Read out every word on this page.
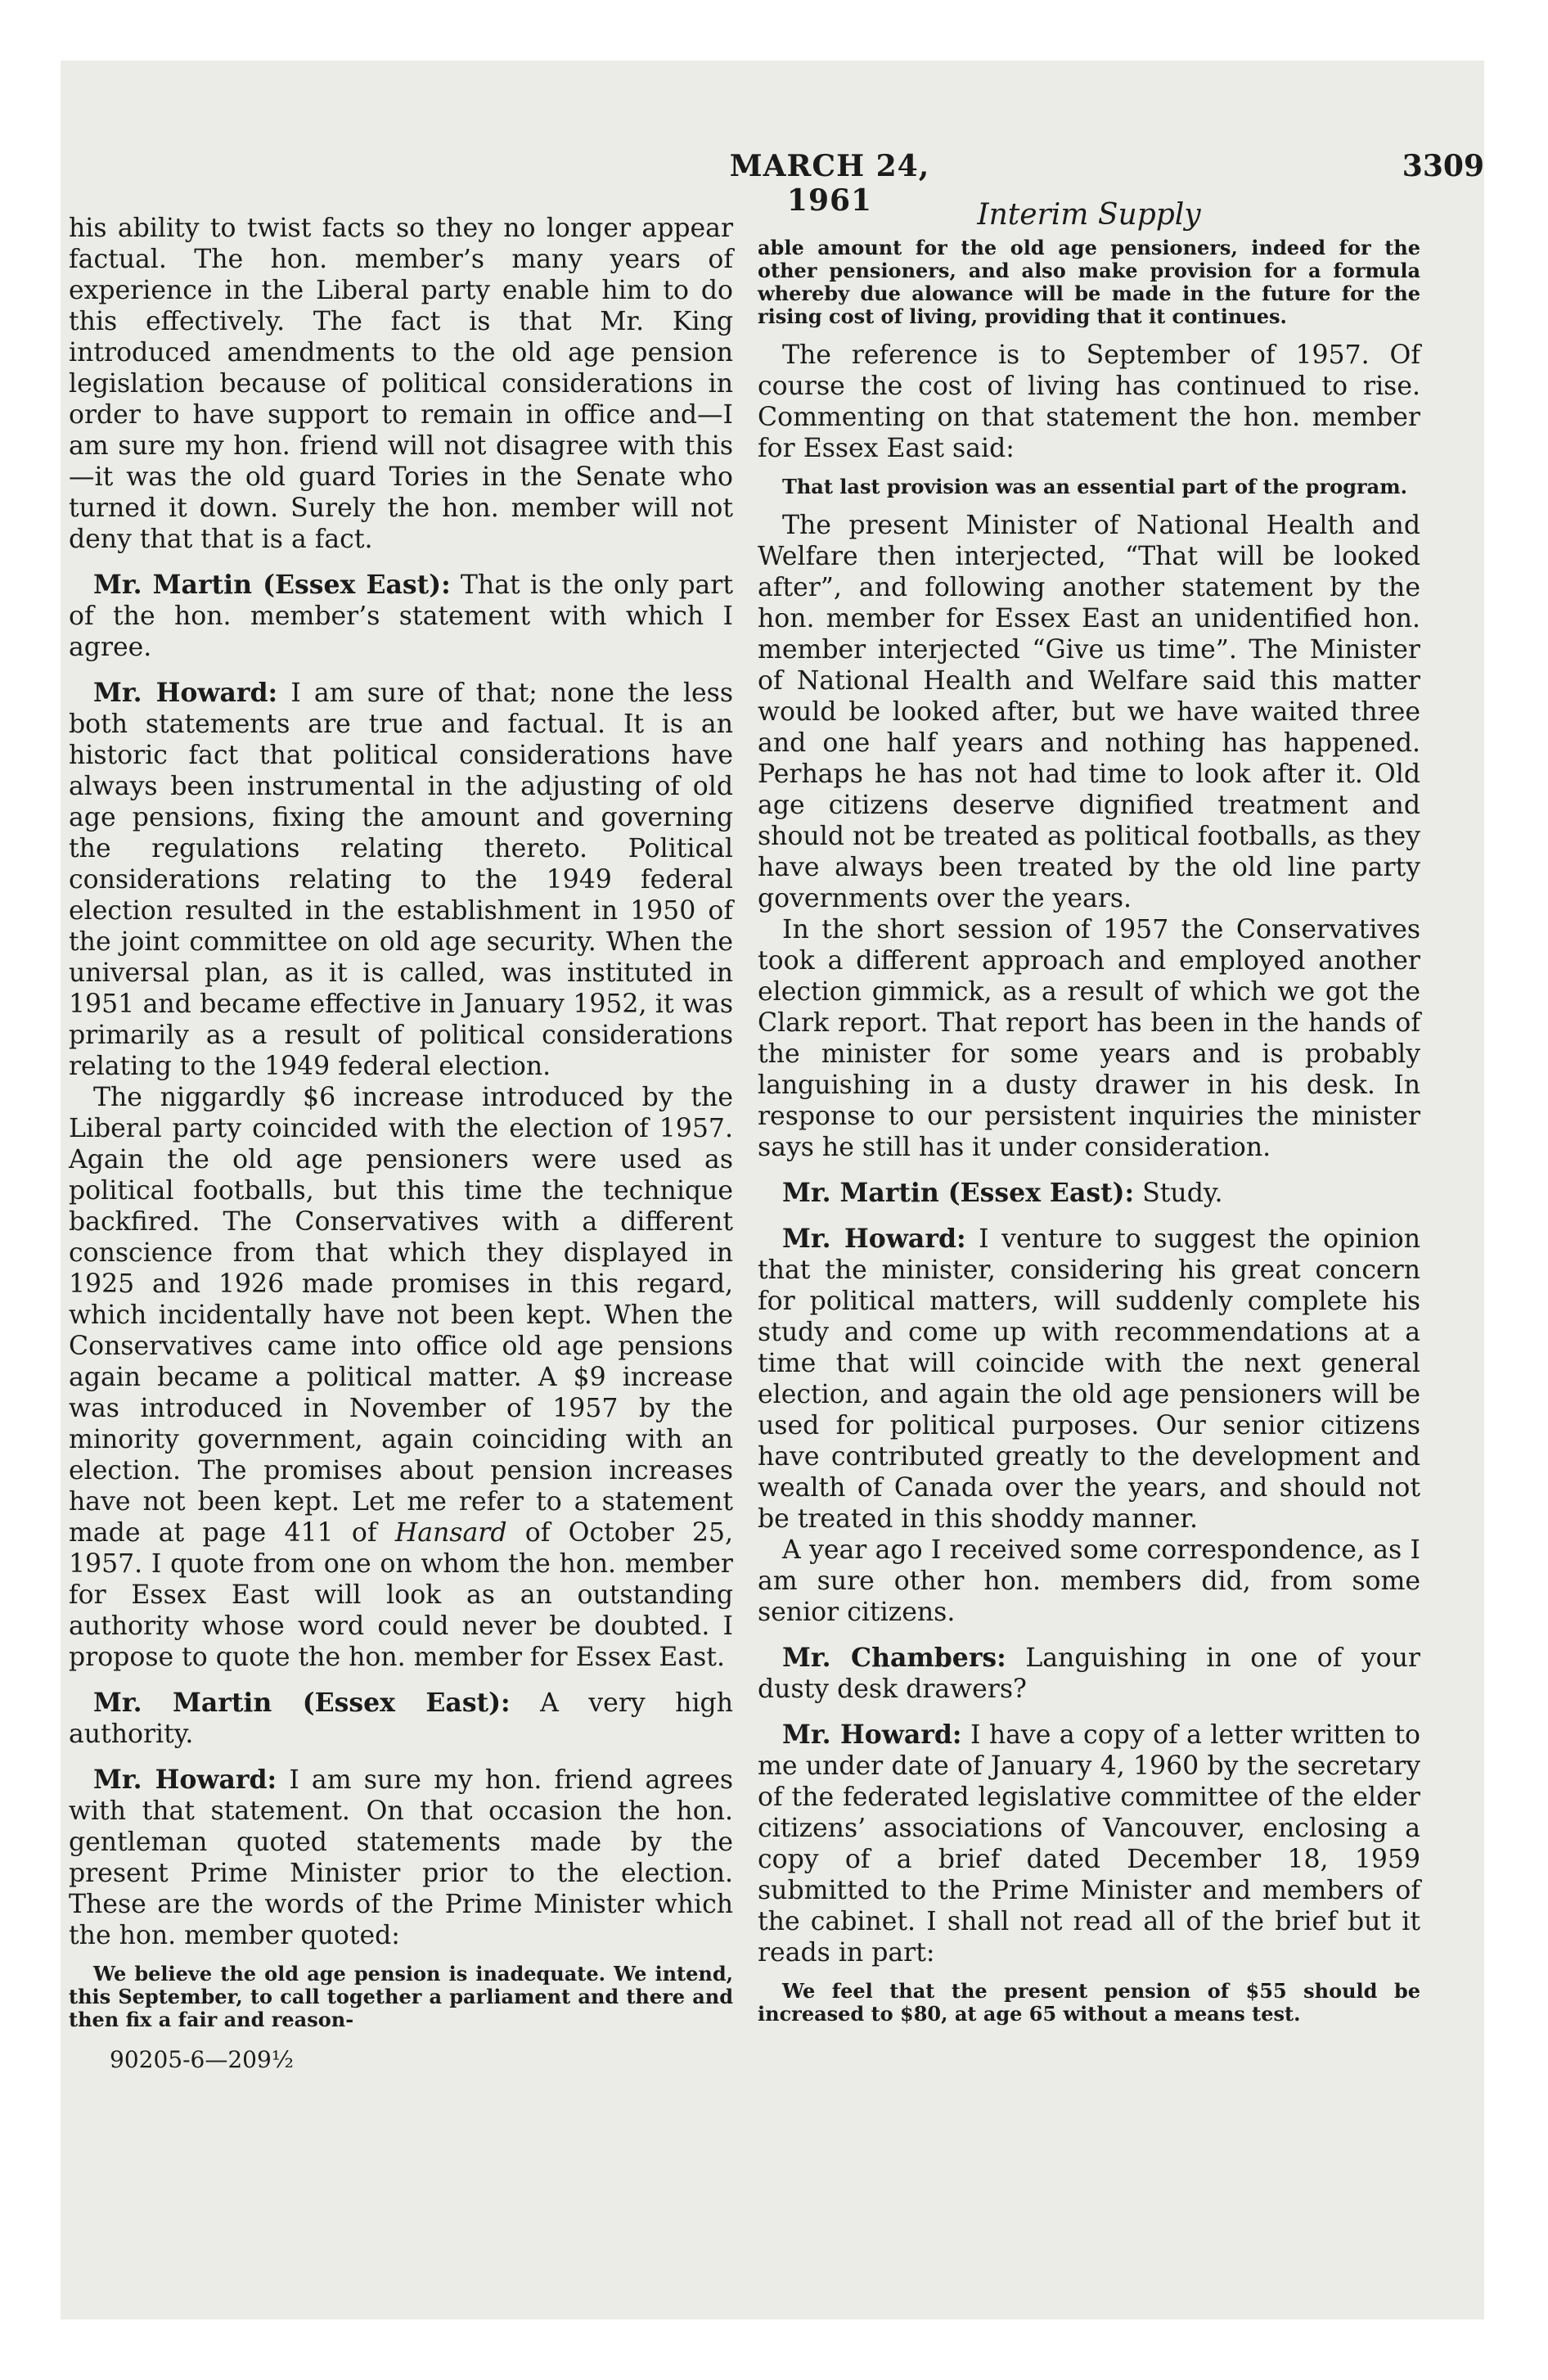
MARCH 24, 1961
3309

his ability to twist facts so they no longer appear factual. The hon. member’s many years of experience in the Liberal party enable him to do this effectively. The fact is that Mr. King introduced amendments to the old age pension legislation because of political considerations in order to have support to remain in office and—I am sure my hon. friend will not disagree with this—it was the old guard Tories in the Senate who turned it down. Surely the hon. member will not deny that that is a fact.

Mr. Martin (Essex East): That is the only part of the hon. member’s statement with which I agree.

Mr. Howard: I am sure of that; none the less both statements are true and factual. It is an historic fact that political considerations have always been instrumental in the adjusting of old age pensions, fixing the amount and governing the regulations relating thereto. Political considerations relating to the 1949 federal election resulted in the establishment in 1950 of the joint committee on old age security. When the universal plan, as it is called, was instituted in 1951 and became effective in January 1952, it was primarily as a result of political considerations relating to the 1949 federal election.

The niggardly $6 increase introduced by the Liberal party coincided with the election of 1957. Again the old age pensioners were used as political footballs, but this time the technique backfired. The Conservatives with a different conscience from that which they displayed in 1925 and 1926 made promises in this regard, which incidentally have not been kept. When the Conservatives came into office old age pensions again became a political matter. A $9 increase was introduced in November of 1957 by the minority government, again coinciding with an election. The promises about pension increases have not been kept. Let me refer to a statement made at page 411 of Hansard of October 25, 1957. I quote from one on whom the hon. member for Essex East will look as an outstanding authority whose word could never be doubted. I propose to quote the hon. member for Essex East.

Mr. Martin (Essex East): A very high authority.

Mr. Howard: I am sure my hon. friend agrees with that statement. On that occasion the hon. gentleman quoted statements made by the present Prime Minister prior to the election. These are the words of the Prime Minister which the hon. member quoted:

We believe the old age pension is inadequate. We intend, this September, to call together a parliament and there and then fix a fair and reason-
90205-6—209½
Interim Supply
able amount for the old age pensioners, indeed for the other pensioners, and also make provision for a formula whereby due alowance will be made in the future for the rising cost of living, providing that it continues.

The reference is to September of 1957. Of course the cost of living has continued to rise. Commenting on that statement the hon. member for Essex East said:

That last provision was an essential part of the program.

The present Minister of National Health and Welfare then interjected, “That will be looked after”, and following another statement by the hon. member for Essex East an unidentified hon. member interjected “Give us time”. The Minister of National Health and Welfare said this matter would be looked after, but we have waited three and one half years and nothing has happened. Perhaps he has not had time to look after it. Old age citizens deserve dignified treatment and should not be treated as political footballs, as they have always been treated by the old line party governments over the years.

In the short session of 1957 the Conservatives took a different approach and employed another election gimmick, as a result of which we got the Clark report. That report has been in the hands of the minister for some years and is probably languishing in a dusty drawer in his desk. In response to our persistent inquiries the minister says he still has it under consideration.

Mr. Martin (Essex East): Study.

Mr. Howard: I venture to suggest the opinion that the minister, considering his great concern for political matters, will suddenly complete his study and come up with recommendations at a time that will coincide with the next general election, and again the old age pensioners will be used for political purposes. Our senior citizens have contributed greatly to the development and wealth of Canada over the years, and should not be treated in this shoddy manner.

A year ago I received some correspondence, as I am sure other hon. members did, from some senior citizens.

Mr. Chambers: Languishing in one of your dusty desk drawers?

Mr. Howard: I have a copy of a letter written to me under date of January 4, 1960 by the secretary of the federated legislative committee of the elder citizens’ associations of Vancouver, enclosing a copy of a brief dated December 18, 1959 submitted to the Prime Minister and members of the cabinet. I shall not read all of the brief but it reads in part:

We feel that the present pension of $55 should be increased to $80, at age 65 without a means test.
